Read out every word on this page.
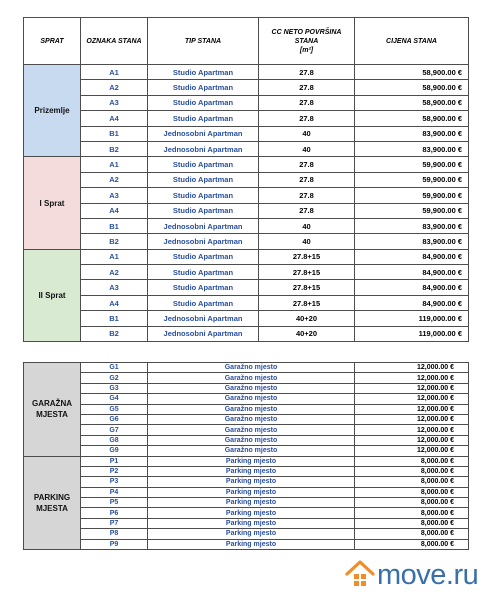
SPRAT	OZNAKA STANA	TIP STANA	CC NETO POVRŠINA
STANA
[m²]	CIJENA STANA
Prizemlje	A1	Studio Apartman	27.8	58,900.00 €
	A2	Studio Apartman	27.8	58,900.00 €
	A3	Studio Apartman	27.8	58,900.00 €
	A4	Studio Apartman	27.8	58,900.00 €
	B1	Jednosobni Apartman	40	83,900.00 €
	B2	Jednosobni Apartman	40	83,900.00 €
I Sprat	A1	Studio Apartman	27.8	59,900.00 €
	A2	Studio Apartman	27.8	59,900.00 €
	A3	Studio Apartman	27.8	59,900.00 €
	A4	Studio Apartman	27.8	59,900.00 €
	B1	Jednosobni Apartman	40	83,900.00 €
	B2	Jednosobni Apartman	40	83,900.00 €
II Sprat	A1	Studio Apartman	27.8+15	84,900.00 €
	A2	Studio Apartman	27.8+15	84,900.00 €
	A3	Studio Apartman	27.8+15	84,900.00 €
	A4	Studio Apartman	27.8+15	84,900.00 €
	B1	Jednosobni Apartman	40+20	119,000.00 €
	B2	Jednosobni Apartman	40+20	119,000.00 €
GARAŽNA
MJESTA	G1	Garažno mjesto	12,000.00 €
	G2	Garažno mjesto	12,000.00 €
	G3	Garažno mjesto	12,000.00 €
	G4	Garažno mjesto	12,000.00 €
	G5	Garažno mjesto	12,000.00 €
	G6	Garažno mjesto	12,000.00 €
	G7	Garažno mjesto	12,000.00 €
	G8	Garažno mjesto	12,000.00 €
	G9	Garažno mjesto	12,000.00 €
PARKING
MJESTA	P1	Parking mjesto	8,000.00 €
	P2	Parking mjesto	8,000.00 €
	P3	Parking mjesto	8,000.00 €
	P4	Parking mjesto	8,000.00 €
	P5	Parking mjesto	8,000.00 €
	P6	Parking mjesto	8,000.00 €
	P7	Parking mjesto	8,000.00 €
	P8	Parking mjesto	8,000.00 €
	P9	Parking mjesto	8,000.00 €
move.ru
